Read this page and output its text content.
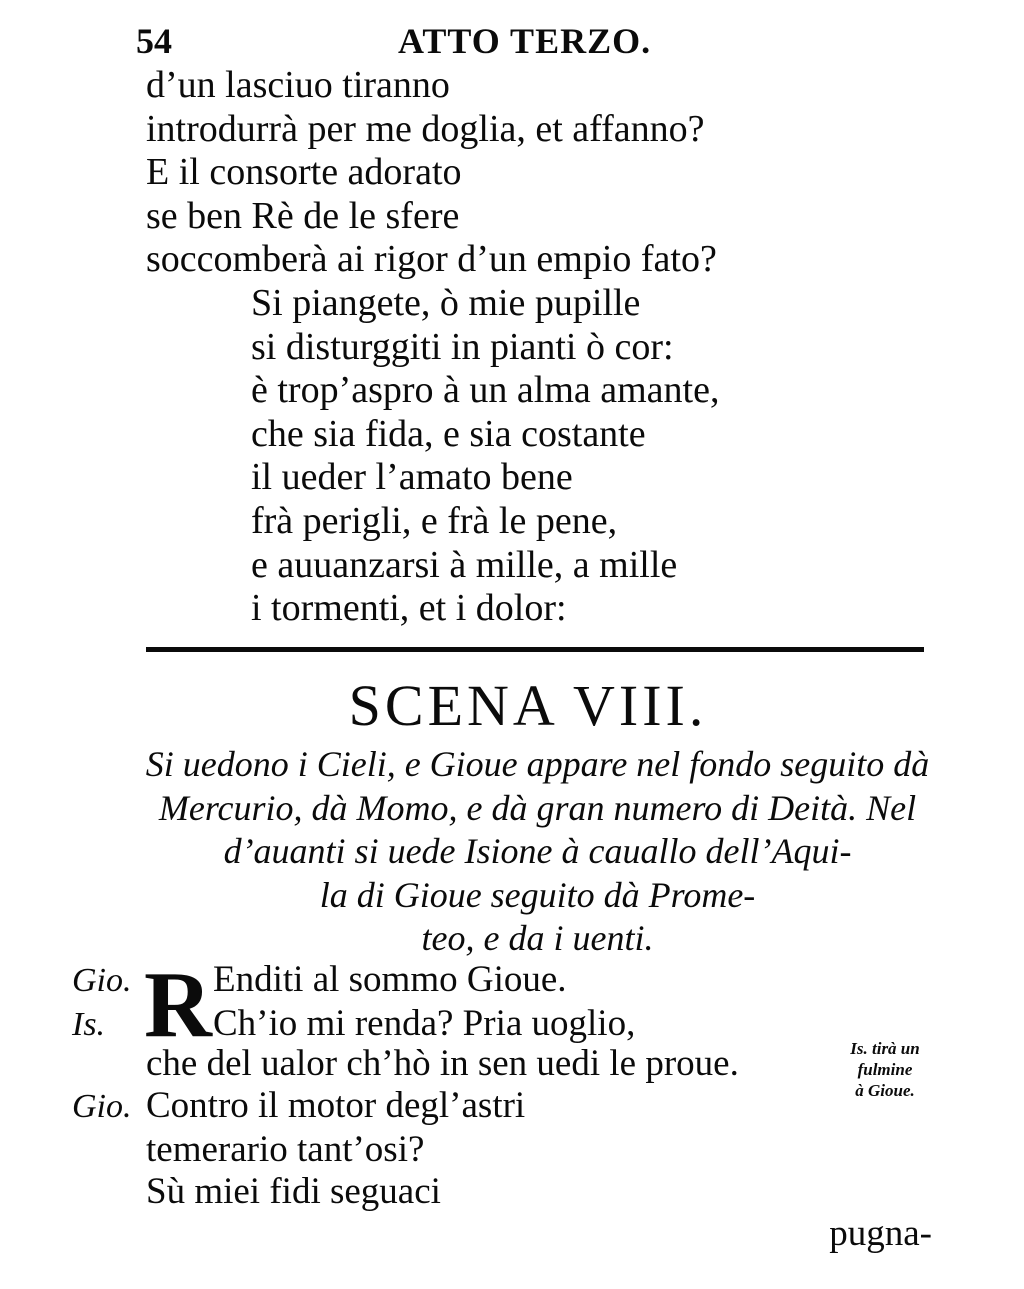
54	ATTO TERZO.
d’un lasciuo tiranno
introdurrà per me doglia, et affanno?
E il consorte adorato
se ben Rè de le sfere
soccomberà ai rigor d’un empio fato?
Si piangete, ò mie pupille
si disturggiti in pianti ò cor:
è trop’aspro à un alma amante,
che sia fida, e sia costante
il ueder l’amato bene
frà perigli, e frà le pene,
e auuanzarsi à mille, a mille
i tormenti, et i dolor:
SCENA VIII.
Si uedono i Cieli, e Gioue appare nel fondo seguito dà
Mercurio, dà Momo, e dà gran numero di Deità. Nel
d’auanti si uede Isione à cauallo dell’Aqui-
la di Gioue seguito dà Prome-
teo, e da i uenti.
Gio.
Is.
Gio.
R Enditi al sommo Gioue.
Ch’io mi renda? Pria uoglio,
che del ualor ch’hò in sen uedi le proue.
Contro il motor degl’astri
temerario tant’osi?
Sù miei fidi seguaci
Is. tirà un
fulmine
à Gioue.
pugna-
